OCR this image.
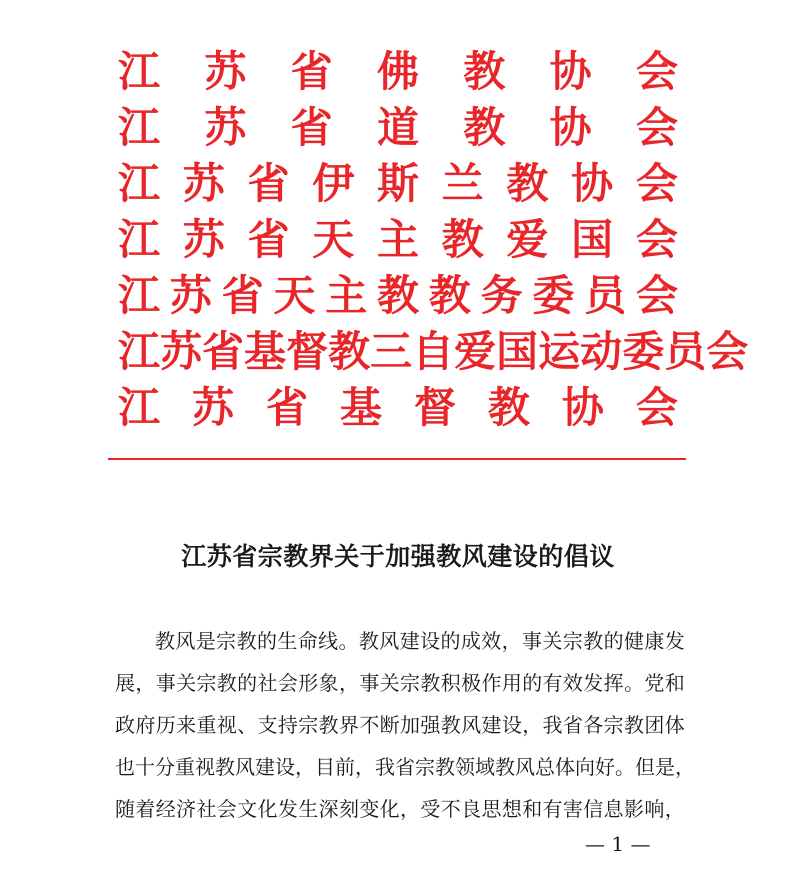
江 苏 省 佛 教 协 会
江 苏 省 道 教 协 会
江 苏 省 伊 斯 兰 教 协 会
江 苏 省 天 主 教 爱 国 会
江 苏 省 天 主 教 教 务 委 员 会
江 苏 省 基 督 教 三 自 爱 国 运 动 委 员 会
江 苏 省 基 督 教 协 会
江苏省宗教界关于加强教风建设的倡议
教 风 是 宗 教 的 生 命 线 。 教 风 建 设 的 成 效 ， 事 关 宗 教 的 健 康 发
展 ， 事 关 宗 教 的 社 会 形 象 ， 事 关 宗 教 积 极 作 用 的 有 效 发 挥 。 党 和
政 府 历 来 重 视 、 支 持 宗 教 界 不 断 加 强 教 风 建 设 ， 我 省 各 宗 教 团 体
也 十 分 重 视 教 风 建 设 ， 目 前 ， 我 省 宗 教 领 域 教 风 总 体 向 好 。 但 是 ，
随 着 经 济 社 会 文 化 发 生 深 刻 变 化 ， 受 不 良 思 想 和 有 害 信 息 影 响 ，
— 1 —
